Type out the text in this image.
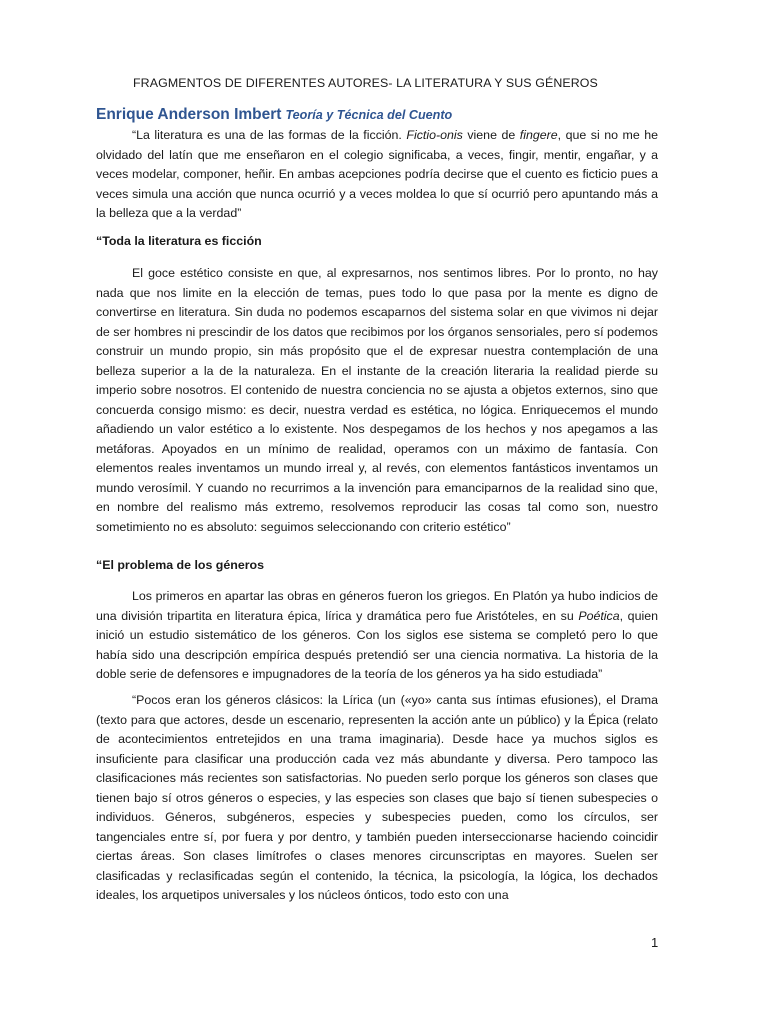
FRAGMENTOS DE DIFERENTES AUTORES- LA LITERATURA Y SUS GÉNEROS

Enrique Anderson Imbert Teoría y Técnica del Cuento

“La literatura es una de las formas de la ficción. Fictio-onis viene de fingere, que si no me he olvidado del latín que me enseñaron en el colegio significaba, a veces, fingir, mentir, engañar, y a veces modelar, componer, heñir. En ambas acepciones podría decirse que el cuento es ficticio pues a veces simula una acción que nunca ocurrió y a veces moldea lo que sí ocurrió pero apuntando más a la belleza que a la verdad”

“Toda la literatura es ficción

El goce estético consiste en que, al expresarnos, nos sentimos libres. Por lo pronto, no hay nada que nos limite en la elección de temas, pues todo lo que pasa por la mente es digno de convertirse en literatura. Sin duda no podemos escaparnos del sistema solar en que vivimos ni dejar de ser hombres ni prescindir de los datos que recibimos por los órganos sensoriales, pero sí podemos construir un mundo propio, sin más propósito que el de expresar nuestra contemplación de una belleza superior a la de la naturaleza. En el instante de la creación literaria la realidad pierde su imperio sobre nosotros. El contenido de nuestra conciencia no se ajusta a objetos externos, sino que concuerda consigo mismo: es decir, nuestra verdad es estética, no lógica. Enriquecemos el mundo añadiendo un valor estético a lo existente. Nos despegamos de los hechos y nos apegamos a las metáforas. Apoyados en un mínimo de realidad, operamos con un máximo de fantasía. Con elementos reales inventamos un mundo irreal y, al revés, con elementos fantásticos inventamos un mundo verosímil. Y cuando no recurrimos a la invención para emanciparnos de la realidad sino que, en nombre del realismo más extremo, resolvemos reproducir las cosas tal como son, nuestro sometimiento no es absoluto: seguimos seleccionando con criterio estético”

“El problema de los géneros

Los primeros en apartar las obras en géneros fueron los griegos. En Platón ya hubo indicios de una división tripartita en literatura épica, lírica y dramática pero fue Aristóteles, en su Poética, quien inició un estudio sistemático de los géneros. Con los siglos ese sistema se completó pero lo que había sido una descripción empírica después pretendió ser una ciencia normativa. La historia de la doble serie de defensores e impugnadores de la teoría de los géneros ya ha sido estudiada”

“Pocos eran los géneros clásicos: la Lírica (un («yo» canta sus íntimas efusiones), el Drama (texto para que actores, desde un escenario, representen la acción ante un público) y la Épica (relato de acontecimientos entretejidos en una trama imaginaria). Desde hace ya muchos siglos es insuficiente para clasificar una producción cada vez más abundante y diversa. Pero tampoco las clasificaciones más recientes son satisfactorias. No pueden serlo porque los géneros son clases que tienen bajo sí otros géneros o especies, y las especies son clases que bajo sí tienen subespecies o individuos. Géneros, subgéneros, especies y subespecies pueden, como los círculos, ser tangenciales entre sí, por fuera y por dentro, y también pueden interseccionarse haciendo coincidir ciertas áreas. Son clases limítrofes o clases menores circunscriptas en mayores. Suelen ser clasificadas y reclasificadas según el contenido, la técnica, la psicología, la lógica, los dechados ideales, los arquetipos universales y los núcleos ónticos, todo esto con una

1
